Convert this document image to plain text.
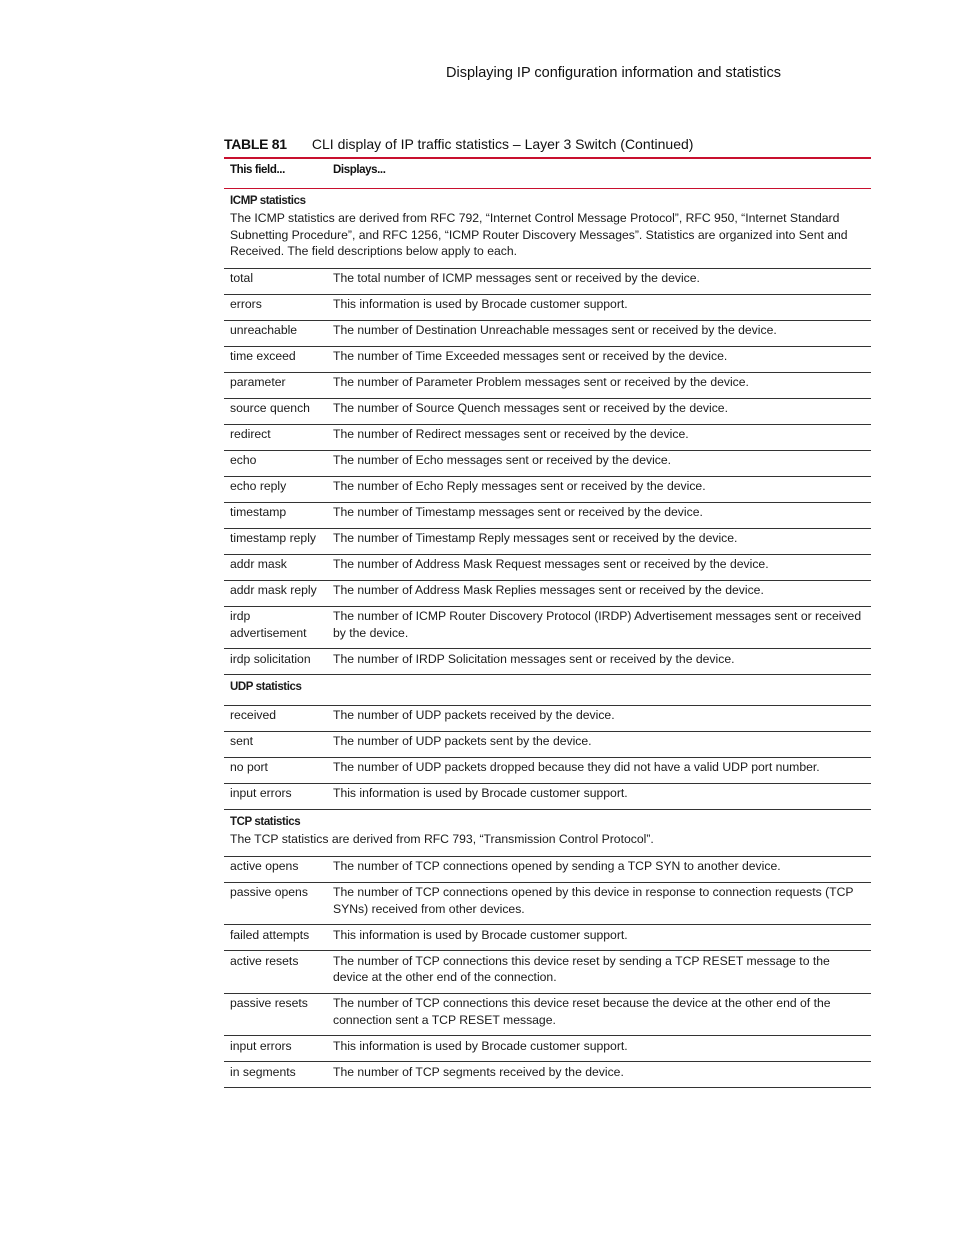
Displaying IP configuration information and statistics
TABLE 81 CLI display of IP traffic statistics – Layer 3 Switch (Continued)
This field...	Displays...

ICMP statistics
The ICMP statistics are derived from RFC 792, “Internet Control Message Protocol”, RFC 950, “Internet Standard Subnetting Procedure”, and RFC 1256, “ICMP Router Discovery Messages”. Statistics are organized into Sent and Received. The field descriptions below apply to each.	

total	The total number of ICMP messages sent or received by the device.
errors	This information is used by Brocade customer support.
unreachable	The number of Destination Unreachable messages sent or received by the device.
time exceed	The number of Time Exceeded messages sent or received by the device.
parameter	The number of Parameter Problem messages sent or received by the device.
source quench	The number of Source Quench messages sent or received by the device.
redirect	The number of Redirect messages sent or received by the device.
echo	The number of Echo messages sent or received by the device.
echo reply	The number of Echo Reply messages sent or received by the device.
timestamp	The number of Timestamp messages sent or received by the device.
timestamp reply	The number of Timestamp Reply messages sent or received by the device.
addr mask	The number of Address Mask Request messages sent or received by the device.
addr mask reply	The number of Address Mask Replies messages sent or received by the device.
irdp advertisement	The number of ICMP Router Discovery Protocol (IRDP) Advertisement messages sent or received by the device.
irdp solicitation	The number of IRDP Solicitation messages sent or received by the device.

UDP statistics	

received	The number of UDP packets received by the device.
sent	The number of UDP packets sent by the device.
no port	The number of UDP packets dropped because they did not have a valid UDP port number.
input errors	This information is used by Brocade customer support.

TCP statistics
The TCP statistics are derived from RFC 793, “Transmission Control Protocol”.	

active opens	The number of TCP connections opened by sending a TCP SYN to another device.
passive opens	The number of TCP connections opened by this device in response to connection requests (TCP SYNs) received from other devices.
failed attempts	This information is used by Brocade customer support.
active resets	The number of TCP connections this device reset by sending a TCP RESET message to the device at the other end of the connection.
passive resets	The number of TCP connections this device reset because the device at the other end of the connection sent a TCP RESET message.
input errors	This information is used by Brocade customer support.
in segments	The number of TCP segments received by the device.
